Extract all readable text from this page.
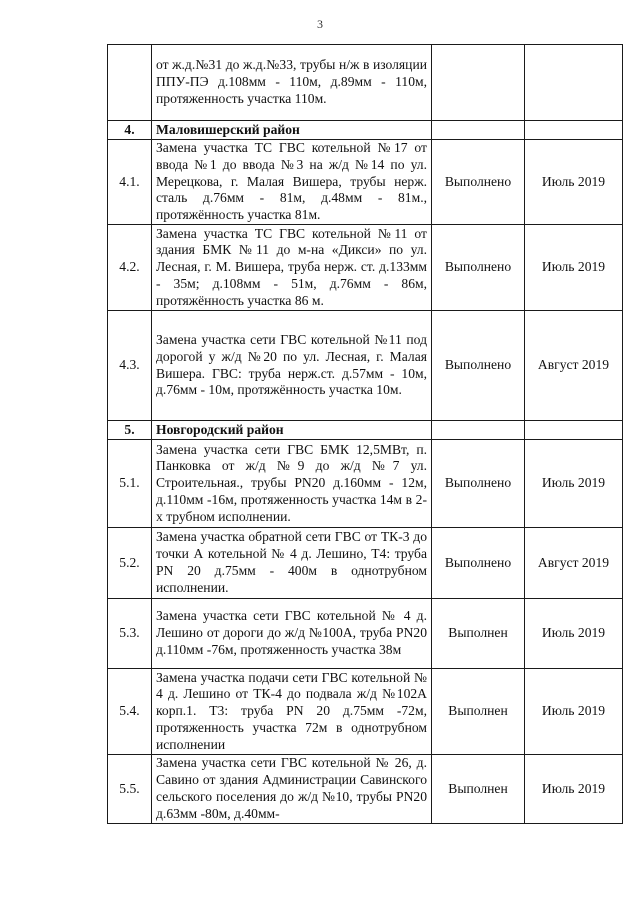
3
	от ж.д.№31 до ж.д.№33, трубы н/ж в изоляции ППУ-ПЭ д.108мм - 110м, д.89мм - 110м, протяженность участка 110м.		
4.	Маловишерский район		
4.1.	Замена участка ТС ГВС котельной №17 от ввода №1 до ввода №3 на ж/д №14 по ул. Мерецкова, г. Малая Вишера, трубы нерж. сталь д.76мм - 81м, д.48мм - 81м., протяжённость участка 81м.	Выполнено	Июль 2019
4.2.	Замена участка ТС ГВС котельной №11 от здания БМК №11 до м-на «Дикси» по ул. Лесная, г. М. Вишера, труба нерж. ст. д.133мм - 35м; д.108мм - 51м, д.76мм - 86м, протяжённость участка 86 м.	Выполнено	Июль 2019
4.3.	Замена участка сети ГВС котельной №11 под дорогой у ж/д №20 по ул. Лесная, г. Малая Вишера. ГВС: труба нерж.ст. д.57мм - 10м, д.76мм - 10м, протяжённость участка 10м.	Выполнено	Август 2019
5.	Новгородский район		
5.1.	Замена участка сети ГВС БМК 12,5МВт, п. Панковка от ж/д №9 до ж/д №7 ул. Строительная., трубы PN20 д.160мм - 12м, д.110мм -16м, протяженность участка 14м в 2-х трубном исполнении.	Выполнено	Июль 2019
5.2.	Замена участка обратной сети ГВС от ТК-3 до точки А котельной № 4 д. Лешино, Т4: труба PN 20 д.75мм - 400м в однотрубном исполнении.	Выполнено	Август 2019
5.3.	Замена участка сети ГВС котельной № 4 д. Лешино от дороги до ж/д №100А, труба PN20 д.110мм -76м, протяженность участка 38м	Выполнен	Июль 2019
5.4.	Замена участка подачи сети ГВС котельной № 4 д. Лешино от ТК-4 до подвала ж/д №102А корп.1. Т3: труба PN 20 д.75мм -72м, протяженность участка 72м в однотрубном исполнении	Выполнен	Июль 2019
5.5.	Замена участка сети ГВС котельной № 26, д. Савино от здания Администрации Савинского сельского поселения до ж/д №10, трубы PN20 д.63мм -80м, д.40мм-	Выполнен	Июль 2019
